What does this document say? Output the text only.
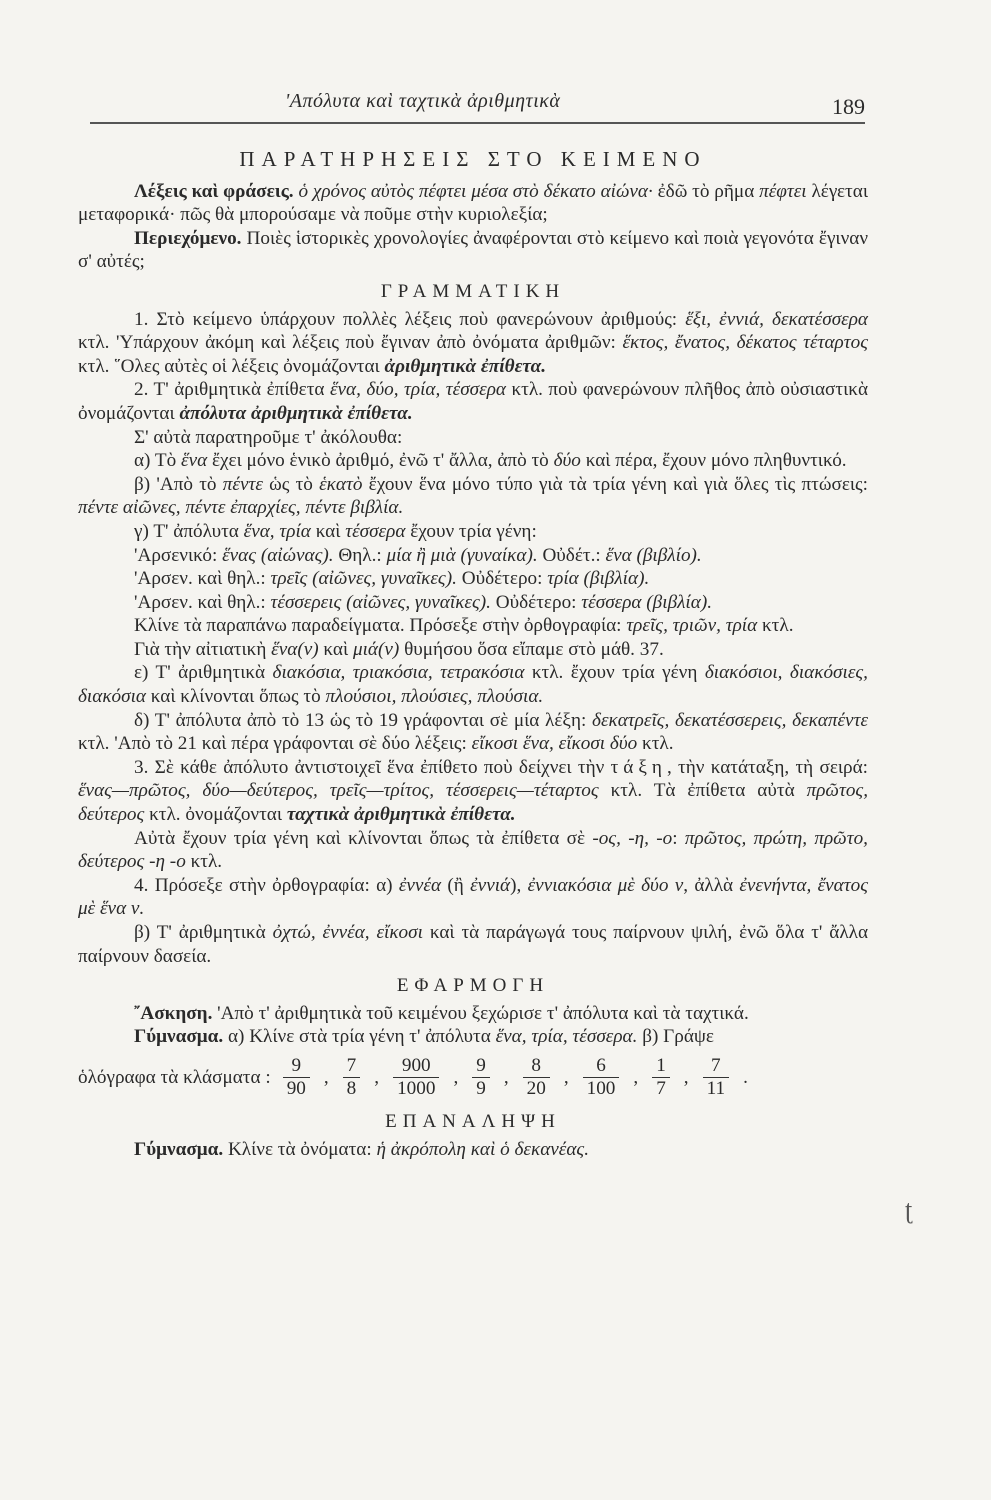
'Απόλυτα καὶ ταχτικὰ ἀριθμητικὰ	189
ΠΑΡΑΤΗΡΗΣΕΙΣ ΣΤΟ ΚΕΙΜΕΝΟ

Λέξεις καὶ φράσεις. ὁ χρόνος αὐτὸς πέφτει μέσα στὸ δέκατο αἰώνα· ἐδῶ τὸ ρῆμα πέφτει λέγεται μεταφορικά· πῶς θὰ μπορούσαμε νὰ ποῦμε στὴν κυριολεξία;

Περιεχόμενο. Ποιὲς ἱστορικὲς χρονολογίες ἀναφέρονται στὸ κείμενο καὶ ποιὰ γεγονότα ἔγιναν σ' αὐτές;

ΓΡΑΜΜΑΤΙΚΗ

1. Στὸ κείμενο ὑπάρχουν πολλὲς λέξεις ποὺ φανερώνουν ἀριθμούς: ἕξι, ἐννιά, δεκατέσσερα κτλ. 'Υπάρχουν ἀκόμη καὶ λέξεις ποὺ ἔγιναν ἀπὸ ὀνόματα ἀριθμῶν: ἕκτος, ἔνατος, δέκατος τέταρτος κτλ. ῞Ολες αὐτὲς οἱ λέξεις ὀνομάζονται ἀριθμητικὰ ἐπίθετα.

2. Τ' ἀριθμητικὰ ἐπίθετα ἕνα, δύο, τρία, τέσσερα κτλ. ποὺ φανερώνουν πλῆθος ἀπὸ οὐσιαστικὰ ὀνομάζονται ἀπόλυτα ἀριθμητικὰ ἐπίθετα.

Σ' αὐτὰ παρατηροῦμε τ' ἀκόλουθα:

α) Τὸ ἕνα ἔχει μόνο ἑνικὸ ἀριθμό, ἐνῶ τ' ἄλλα, ἀπὸ τὸ δύο καὶ πέρα, ἔχουν μόνο πληθυντικό.

β) 'Απὸ τὸ πέντε ὡς τὸ ἑκατὸ ἔχουν ἕνα μόνο τύπο γιὰ τὰ τρία γένη καὶ γιὰ ὅλες τὶς πτώσεις: πέντε αἰῶνες, πέντε ἐπαρχίες, πέντε βιβλία.

γ) Τ' ἀπόλυτα ἕνα, τρία καὶ τέσσερα ἔχουν τρία γένη:

'Αρσενικό: ἕνας (αἰώνας). Θηλ.: μία ἢ μιὰ (γυναίκα). Οὐδέτ.: ἕνα (βιβλίο).

'Αρσεν. καὶ θηλ.: τρεῖς (αἰῶνες, γυναῖκες). Οὐδέτερο: τρία (βιβλία).

'Αρσεν. καὶ θηλ.: τέσσερεις (αἰῶνες, γυναῖκες). Οὐδέτερο: τέσσερα (βιβλία).

Κλίνε τὰ παραπάνω παραδείγματα. Πρόσεξε στὴν ὀρθογραφία: τρεῖς, τριῶν, τρία κτλ.

Γιὰ τὴν αἰτιατικὴ ἕνα(ν) καὶ μιά(ν) θυμήσου ὅσα εἴπαμε στὸ μάθ. 37.

ε) Τ' ἀριθμητικὰ διακόσια, τριακόσια, τετρακόσια κτλ. ἔχουν τρία γένη διακόσιοι, διακόσιες, διακόσια καὶ κλίνονται ὅπως τὸ πλούσιοι, πλούσιες, πλούσια.

δ) Τ' ἀπόλυτα ἀπὸ τὸ 13 ὡς τὸ 19 γράφονται σὲ μία λέξη: δεκατρεῖς, δεκατέσσερεις, δεκαπέντε κτλ. 'Απὸ τὸ 21 καὶ πέρα γράφονται σὲ δύο λέξεις: εἴκοσι ἕνα, εἴκοσι δύο κτλ.

3. Σὲ κάθε ἀπόλυτο ἀντιστοιχεῖ ἕνα ἐπίθετο ποὺ δείχνει τὴν τάξη, τὴν κατάταξη, τὴ σειρά: ἕνας—πρῶτος, δύο—δεύτερος, τρεῖς—τρίτος, τέσσερεις—τέταρτος κτλ. Τὰ ἐπίθετα αὐτὰ πρῶτος, δεύτερος κτλ. ὀνομάζονται ταχτικὰ ἀριθμητικὰ ἐπίθετα.

Αὐτὰ ἔχουν τρία γένη καὶ κλίνονται ὅπως τὰ ἐπίθετα σὲ -ος, -η, -ο: πρῶτος, πρώτη, πρῶτο, δεύτερος -η -ο κτλ.

4. Πρόσεξε στὴν ὀρθογραφία: α) ἐννέα (ἢ ἐννιά), ἐννιακόσια μὲ δύο ν, ἀλλὰ ἐνενήντα, ἔνατος μὲ ἕνα ν.

β) Τ' ἀριθμητικὰ ὀχτώ, ἐννέα, εἴκοσι καὶ τὰ παράγωγά τους παίρνουν ψιλή, ἐνῶ ὅλα τ' ἄλλα παίρνουν δασεία.

ΕΦΑΡΜΟΓΗ

῎Ασκηση. 'Απὸ τ' ἀριθμητικὰ τοῦ κειμένου ξεχώρισε τ' ἀπόλυτα καὶ τὰ ταχτικά.

Γύμνασμα. α) Κλίνε στὰ τρία γένη τ' ἀπόλυτα ἕνα, τρία, τέσσερα. β) Γράψε

ὁλόγραφα τὰ κλάσματα : $\frac{9}{90}$ , $\frac{7}{8}$ , $\frac{900}{1000}$ , $\frac{9}{9}$ , $\frac{8}{20}$ , $\frac{6}{100}$ , $\frac{1}{7}$ , $\frac{7}{11}$ .
ΕΠΑΝΑΛΗΨΗ

Γύμνασμα. Κλίνε τὰ ὀνόματα: ἡ ἀκρόπολη καὶ ὁ δεκανέας.

ʈ
